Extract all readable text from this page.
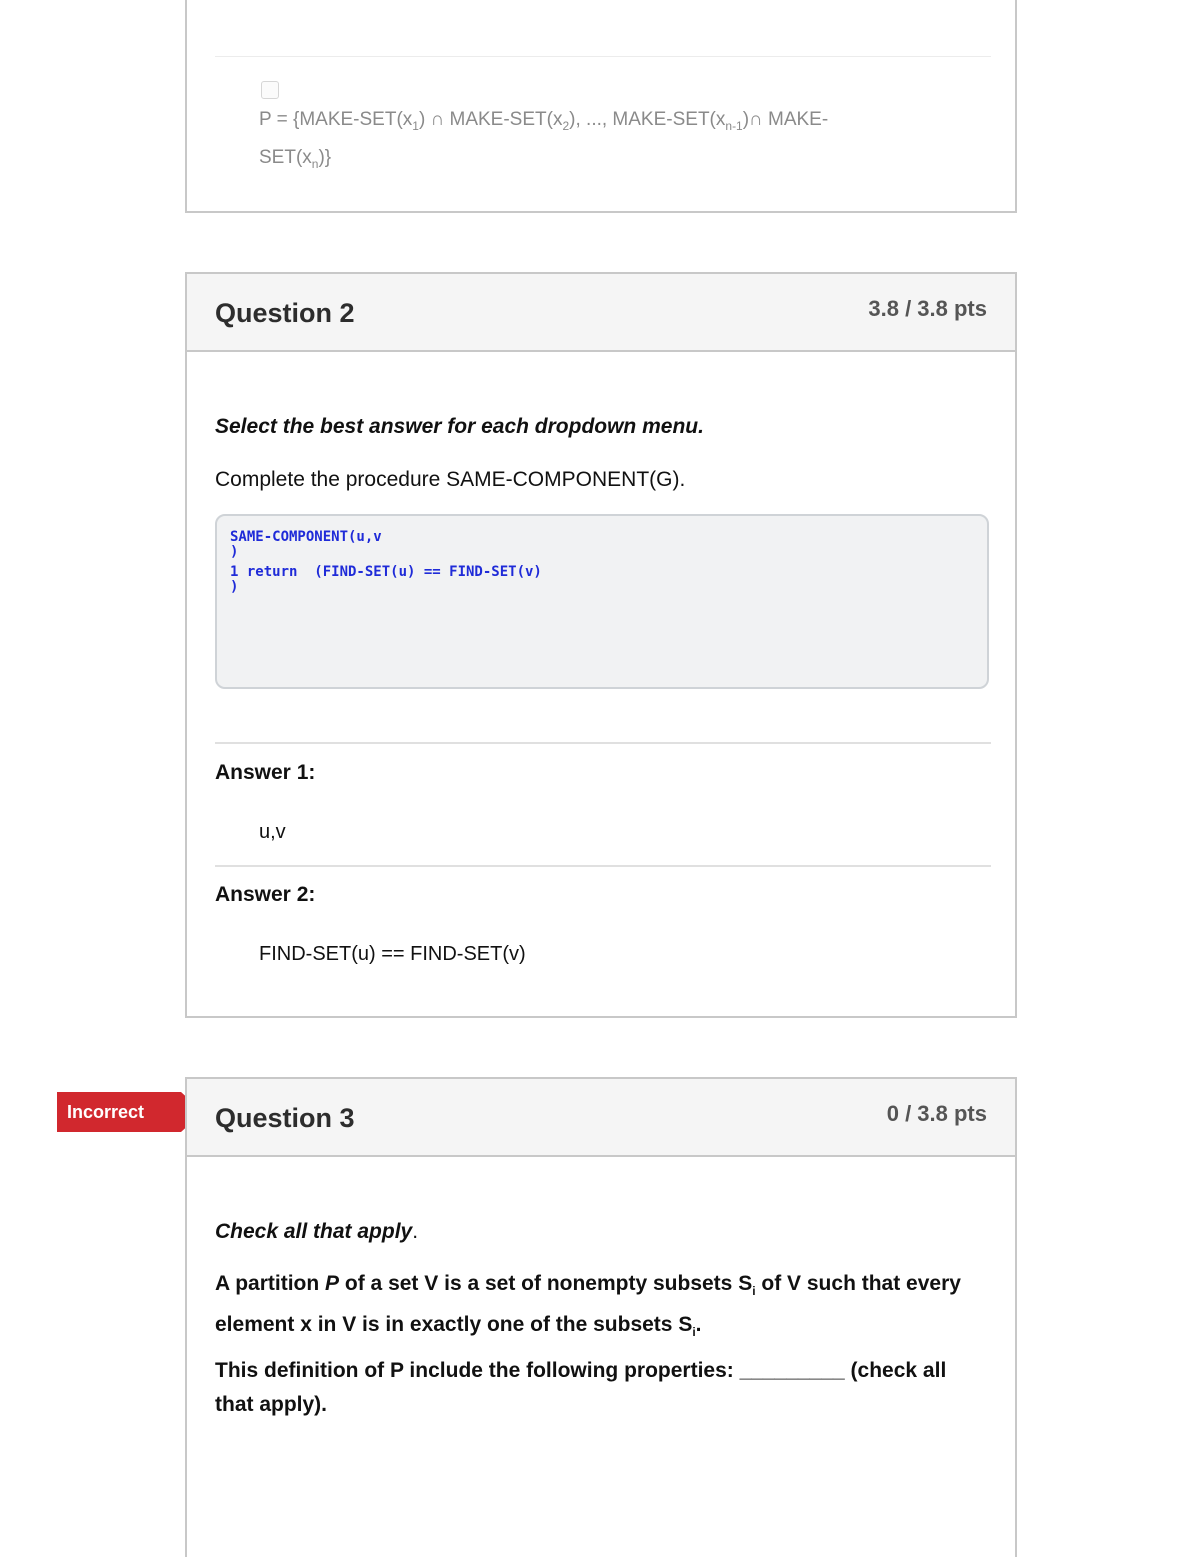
$P = \{MAKE-SET(x_1)$ ∩ MAKE-$SET(x_2)$, ..., MAKE-$SET(x_{n-1})\cap$ MAKE-
$SET(x_n)$}
Question 2	3.8 / 3.8 pts
Select the best answer for each dropdown menu.
Complete the procedure SAME-COMPONENT(G).
SAME-COMPONENT(u,v
)
1 return  (FIND-SET(u) == FIND-SET(v)
)
Answer 1:
u,v
Answer 2:
FIND-SET(u) == FIND-SET(v)
Incorrect	Question 3	0 / 3.8 pts
Check all that apply.
A partition P of a set V is a set of nonempty subsets $S_i$ of V such that every
element x in V is in exactly one of the subsets $S_i$.
This definition of P include the following properties: _________ (check all
that apply).
